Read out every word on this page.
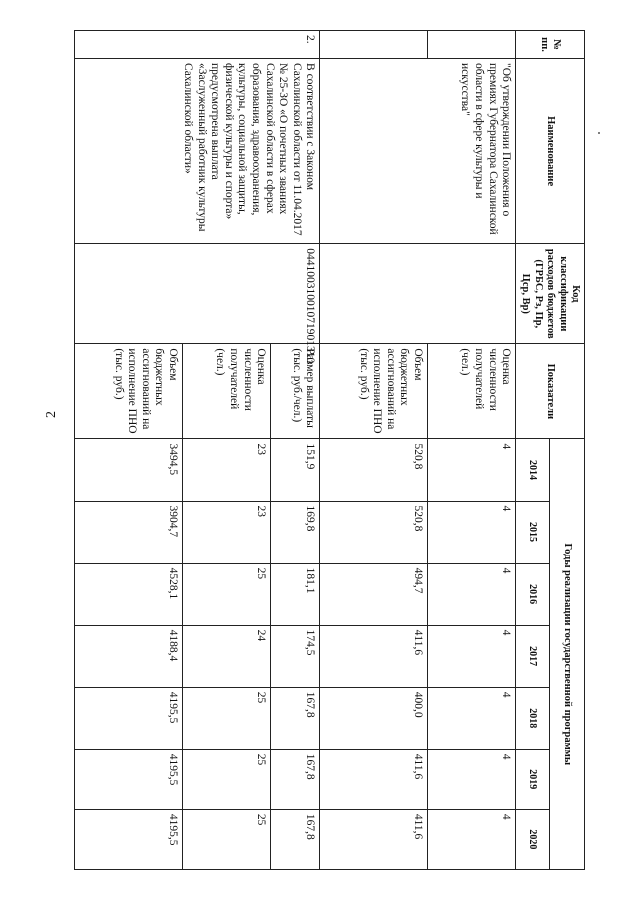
2
№ пп.	Наименование	Код классификации расходов бюджетов (ГРБС, Рз, Пр, Цср, Вр)	Показатели	Годы реализации государственной программы						
				2014	2015	2016	2017	2018	2019	2020
	"Об утверждении Положения о премиях Губернатора Сахалинской области в сфере культуры и искусства"		Оценка численности получателей (чел.)	4	4	4	4	4	4	4
			Объем бюджетных ассигнований на исполнение ПНО (тыс. руб.)	520,8	520,8	494,7	411,6	400,0	411,6	411,6
2.	В соответствии с Законом Сахалинской области от 11.04.2017 № 25-ЗО «О почетных званиях Сахалинской области в сферах образования, здравоохранения, культуры, социальной защиты, физической культуры и спорта» предусмотрена выплата «Заслуженный работник культуры Сахалинской области»	04410031001071901310	Размер выплаты (тыс. руб./чел.)	151,9	169,8	181,1	174,5	167,8	167,8	167,8
			Оценка численности получателей (чел.)	23	23	25	24	25	25	25
			Объем бюджетных ассигнований на исполнение ПНО (тыс. руб.)	3494,5	3904,7	4528,1	4188,4	4195,5	4195,5	4195,5
